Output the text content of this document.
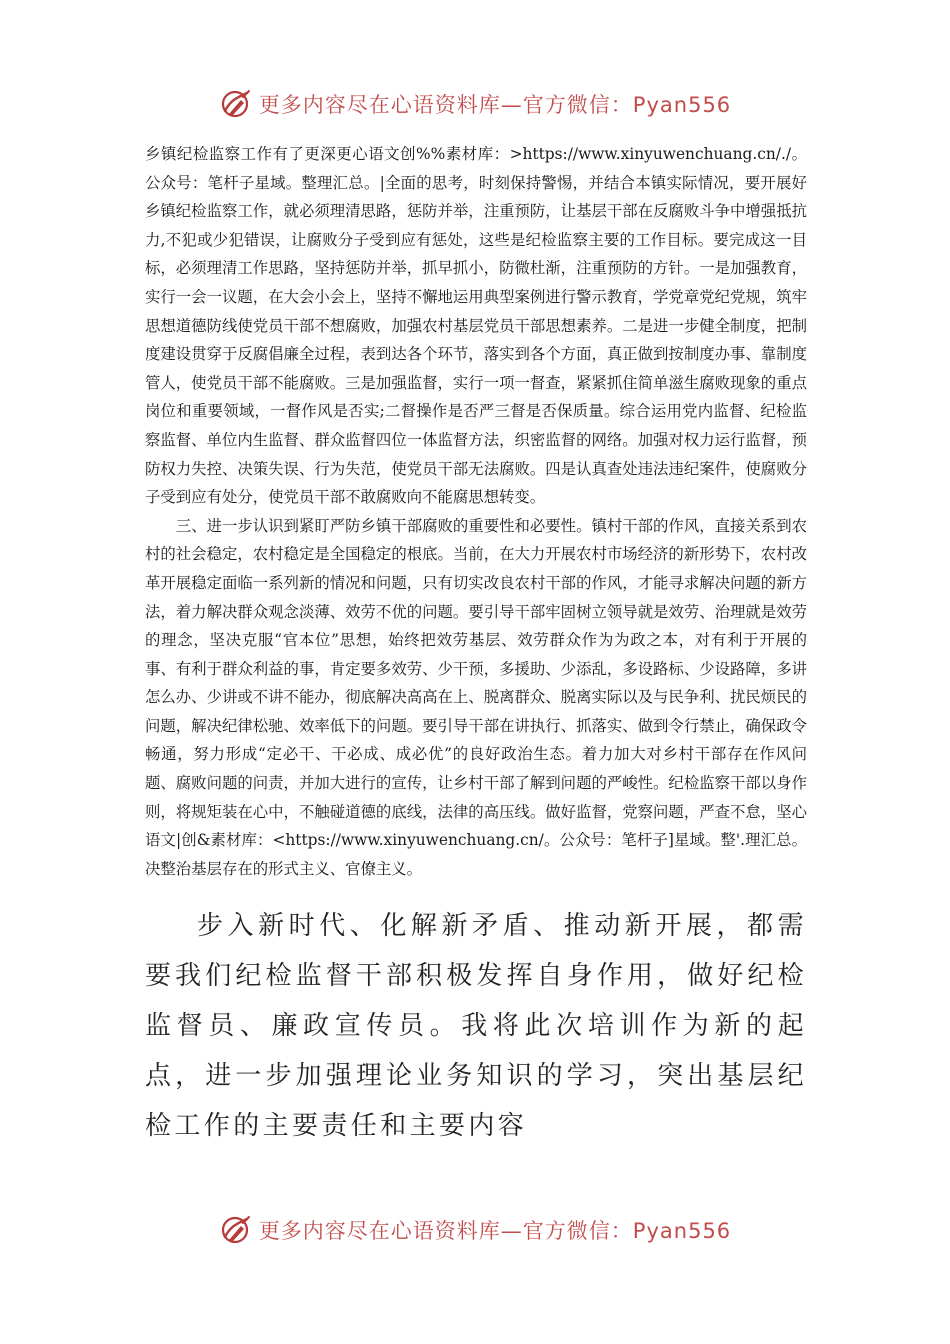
更多内容尽在心语资料库—官方微信：Pyan556

乡镇纪检监察工作有了更深更心语文创%%素材库：>https://www.xinyuwenchuang.cn/./。公众号：笔杆子星域。整理汇总。|全面的思考，时刻保持警惕，并结合本镇实际情况，要开展好乡镇纪检监察工作，就必须理清思路，惩防并举，注重预防，让基层干部在反腐败斗争中增强抵抗力,不犯或少犯错误，让腐败分子受到应有惩处，这些是纪检监察主要的工作目标。要完成这一目标，必须理清工作思路，坚持惩防并举，抓早抓小，防微杜渐，注重预防的方针。一是加强教育，实行一会一议题，在大会小会上，坚持不懈地运用典型案例进行警示教育，学党章党纪党规，筑牢思想道德防线使党员干部不想腐败，加强农村基层党员干部思想素养。二是进一步健全制度，把制度建设贯穿于反腐倡廉全过程，表到达各个环节，落实到各个方面，真正做到按制度办事、靠制度管人，使党员干部不能腐败。三是加强监督，实行一项一督查，紧紧抓住简单滋生腐败现象的重点岗位和重要领域，一督作风是否实;二督操作是否严三督是否保质量。综合运用党内监督、纪检监察监督、单位内生监督、群众监督四位一体监督方法，织密监督的网络。加强对权力运行监督，预防权力失控、决策失误、行为失范，使党员干部无法腐败。四是认真查处违法违纪案件，使腐败分子受到应有处分，使党员干部不敢腐败向不能腐思想转变。

三、进一步认识到紧盯严防乡镇干部腐败的重要性和必要性。镇村干部的作风，直接关系到农村的社会稳定，农村稳定是全国稳定的根底。当前，在大力开展农村市场经济的新形势下，农村改革开展稳定面临一系列新的情况和问题，只有切实改良农村干部的作风，才能寻求解决问题的新方法，着力解决群众观念淡薄、效劳不优的问题。要引导干部牢固树立领导就是效劳、治理就是效劳的理念，坚决克服“官本位”思想，始终把效劳基层、效劳群众作为为政之本，对有利于开展的事、有利于群众利益的事，肯定要多效劳、少干预，多援助、少添乱，多设路标、少设路障，多讲怎么办、少讲或不讲不能办，彻底解决高高在上、脱离群众、脱离实际以及与民争利、扰民烦民的问题，解决纪律松驰、效率低下的问题。要引导干部在讲执行、抓落实、做到令行禁止，确保政令畅通，努力形成“定必干、干必成、成必优”的良好政治生态。着力加大对乡村干部存在作风问题、腐败问题的问责，并加大进行的宣传，让乡村干部了解到问题的严峻性。纪检监察干部以身作则，将规矩装在心中，不触碰道德的底线，法律的高压线。做好监督，党察问题，严查不怠，坚心语文|创&素材库：<https://www.xinyuwenchuang.cn/。公众号：笔杆子]星域。整'.理汇总。决整治基层存在的形式主义、官僚主义。

步入新时代、化解新矛盾、推动新开展，都需要我们纪检监督干部积极发挥自身作用，做好纪检监督员、廉政宣传员。我将此次培训作为新的起点，进一步加强理论业务知识的学习，突出基层纪检工作的主要责任和主要内容

更多内容尽在心语资料库—官方微信：Pyan556
